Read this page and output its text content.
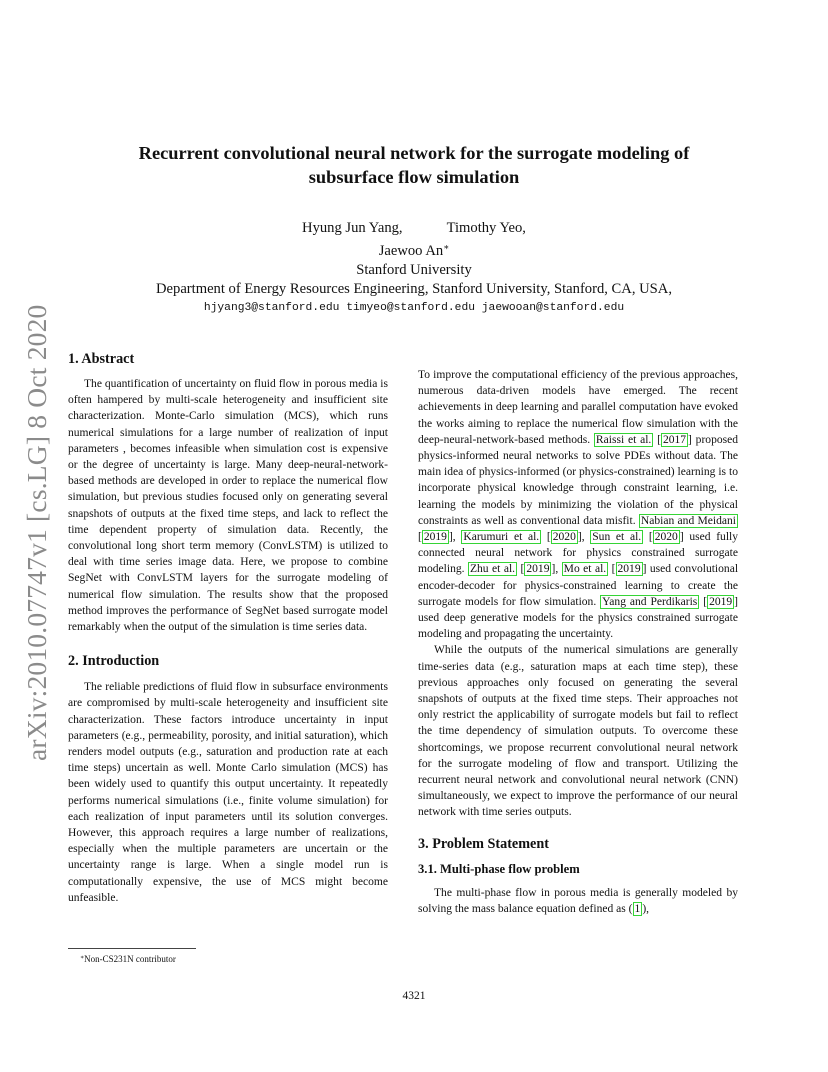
arXiv:2010.07747v1 [cs.LG] 8 Oct 2020
Recurrent convolutional neural network for the surrogate modeling of
subsurface flow simulation
Hyung Jun Yang,	Timothy Yeo,
Jaewoo An∗
Stanford University
Department of Energy Resources Engineering, Stanford University, Stanford, CA, USA,
hjyang3@stanford.edu timyeo@stanford.edu jaewooan@stanford.edu
1. Abstract

The quantification of uncertainty on fluid flow in porous media is often hampered by multi-scale heterogeneity and insufficient site characterization. Monte-Carlo simulation (MCS), which runs numerical simulations for a large number of realization of input parameters , becomes infeasible when simulation cost is expensive or the degree of uncertainty is large. Many deep-neural-network-based methods are developed in order to replace the numerical flow simulation, but previous studies focused only on generating several snapshots of outputs at the fixed time steps, and lack to reflect the time dependent property of simulation data. Recently, the convolutional long short term memory (ConvLSTM) is utilized to deal with time series image data. Here, we propose to combine SegNet with ConvLSTM layers for the surrogate modeling of numerical flow simulation. The results show that the proposed method improves the performance of SegNet based surrogate model remarkably when the output of the simulation is time series data.

2. Introduction

The reliable predictions of fluid flow in subsurface environments are compromised by multi-scale heterogeneity and insufficient site characterization. These factors introduce uncertainty in input parameters (e.g., permeability, porosity, and initial saturation), which renders model outputs (e.g., saturation and production rate at each time steps) uncertain as well. Monte Carlo simulation (MCS) has been widely used to quantify this output uncertainty. It repeatedly performs numerical simulations (i.e., finite volume simulation) for each realization of input parameters until its solution converges. However, this approach requires a large number of realizations, especially when the multiple parameters are uncertain or the uncertainty range is large. When a single model run is computationally expensive, the use of MCS might become unfeasible.

To improve the computational efficiency of the previous approaches, numerous data-driven models have emerged. The recent achievements in deep learning and parallel computation have evoked the works aiming to replace the numerical flow simulation with the deep-neural-network-based methods. Raissi et al. [ 2017 ] proposed physics-informed neural networks to solve PDEs without data. The main idea of physics-informed (or physics-constrained) learning is to incorporate physical knowledge through constraint learning, i.e. learning the models by minimizing the violation of the physical constraints as well as conventional data misfit. Nabian and Meidani [ 2019 ], Karumuri et al. [ 2020 ], Sun et al. [ 2020 ] used fully connected neural network for physics constrained surrogate modeling. Zhu et al. [ 2019 ], Mo et al. [ 2019 ] used convolutional encoder-decoder for physics-constrained learning to create the surrogate models for flow simulation. Yang and Perdikaris [ 2019 ] used deep generative models for the physics constrained surrogate modeling and propagating the uncertainty.

While the outputs of the numerical simulations are generally time-series data (e.g., saturation maps at each time step), these previous approaches only focused on generating the several snapshots of outputs at the fixed time steps. Their approaches not only restrict the applicability of surrogate models but fail to reflect the time dependency of simulation outputs. To overcome these shortcomings, we propose recurrent convolutional neural network for the surrogate modeling of flow and transport. Utilizing the recurrent neural network and convolutional neural network (CNN) simultaneously, we expect to improve the performance of our neural network with time series outputs.

3. Problem Statement
3.1. Multi-phase flow problem

The multi-phase flow in porous media is generally modeled by solving the mass balance equation defined as ( 1 ),

∗Non-CS231N contributor
4321
